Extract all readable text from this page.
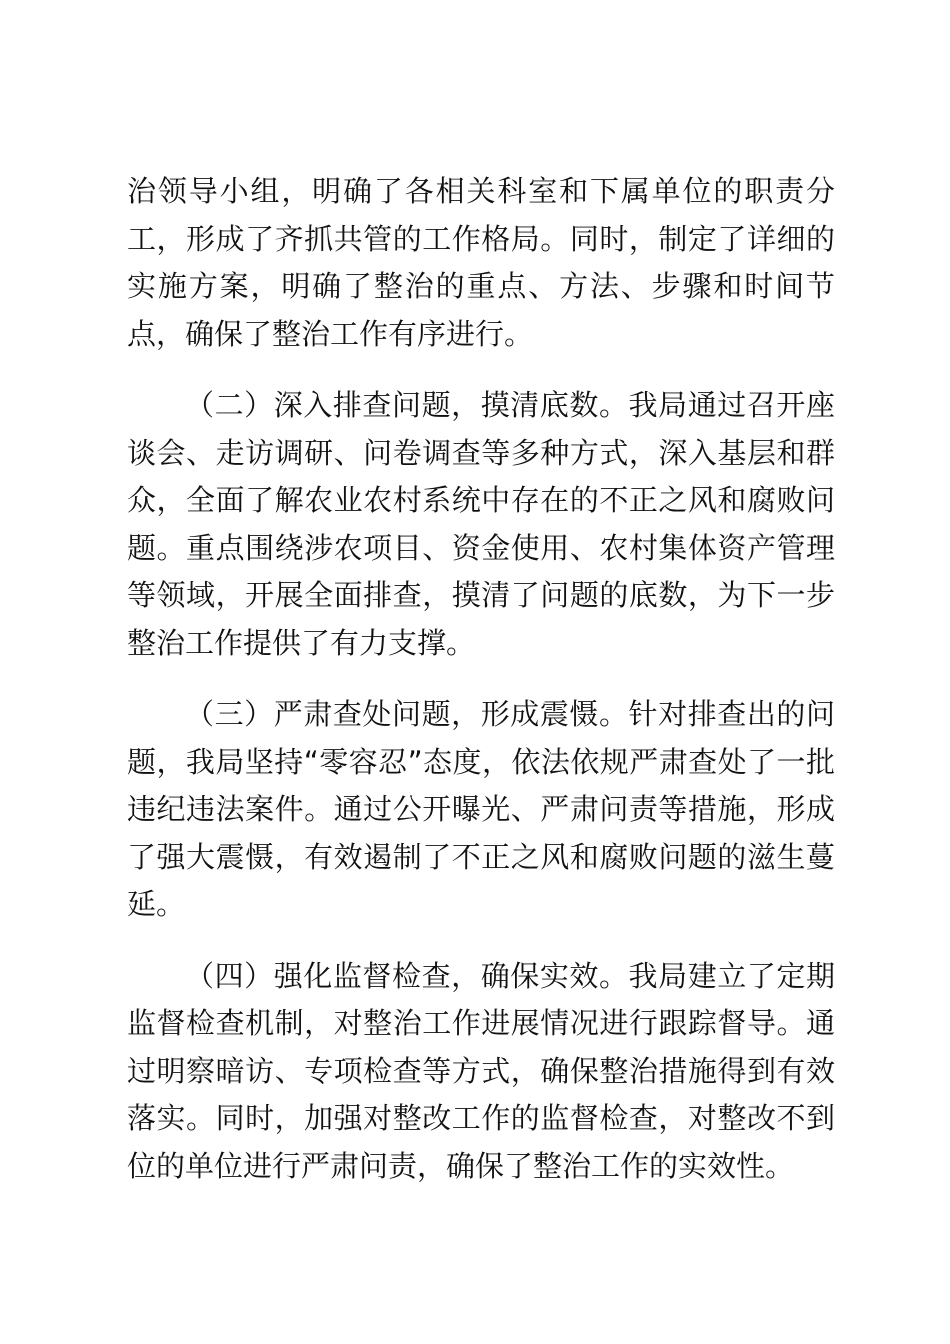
治领导小组，明确了各相关科室和下属单位的职责分工，形成了齐抓共管的工作格局。同时，制定了详细的实施方案，明确了整治的重点、方法、步骤和时间节点，确保了整治工作有序进行。

（二）深入排查问题，摸清底数。我局通过召开座谈会、走访调研、问卷调查等多种方式，深入基层和群众，全面了解农业农村系统中存在的不正之风和腐败问题。重点围绕涉农项目、资金使用、农村集体资产管理等领域，开展全面排查，摸清了问题的底数，为下一步整治工作提供了有力支撑。

（三）严肃查处问题，形成震慑。针对排查出的问题，我局坚持“零容忍”态度，依法依规严肃查处了一批违纪违法案件。通过公开曝光、严肃问责等措施，形成了强大震慑，有效遏制了不正之风和腐败问题的滋生蔓延。

（四）强化监督检查，确保实效。我局建立了定期监督检查机制，对整治工作进展情况进行跟踪督导。通过明察暗访、专项检查等方式，确保整治措施得到有效落实。同时，加强对整改工作的监督检查，对整改不到位的单位进行严肃问责，确保了整治工作的实效性。
